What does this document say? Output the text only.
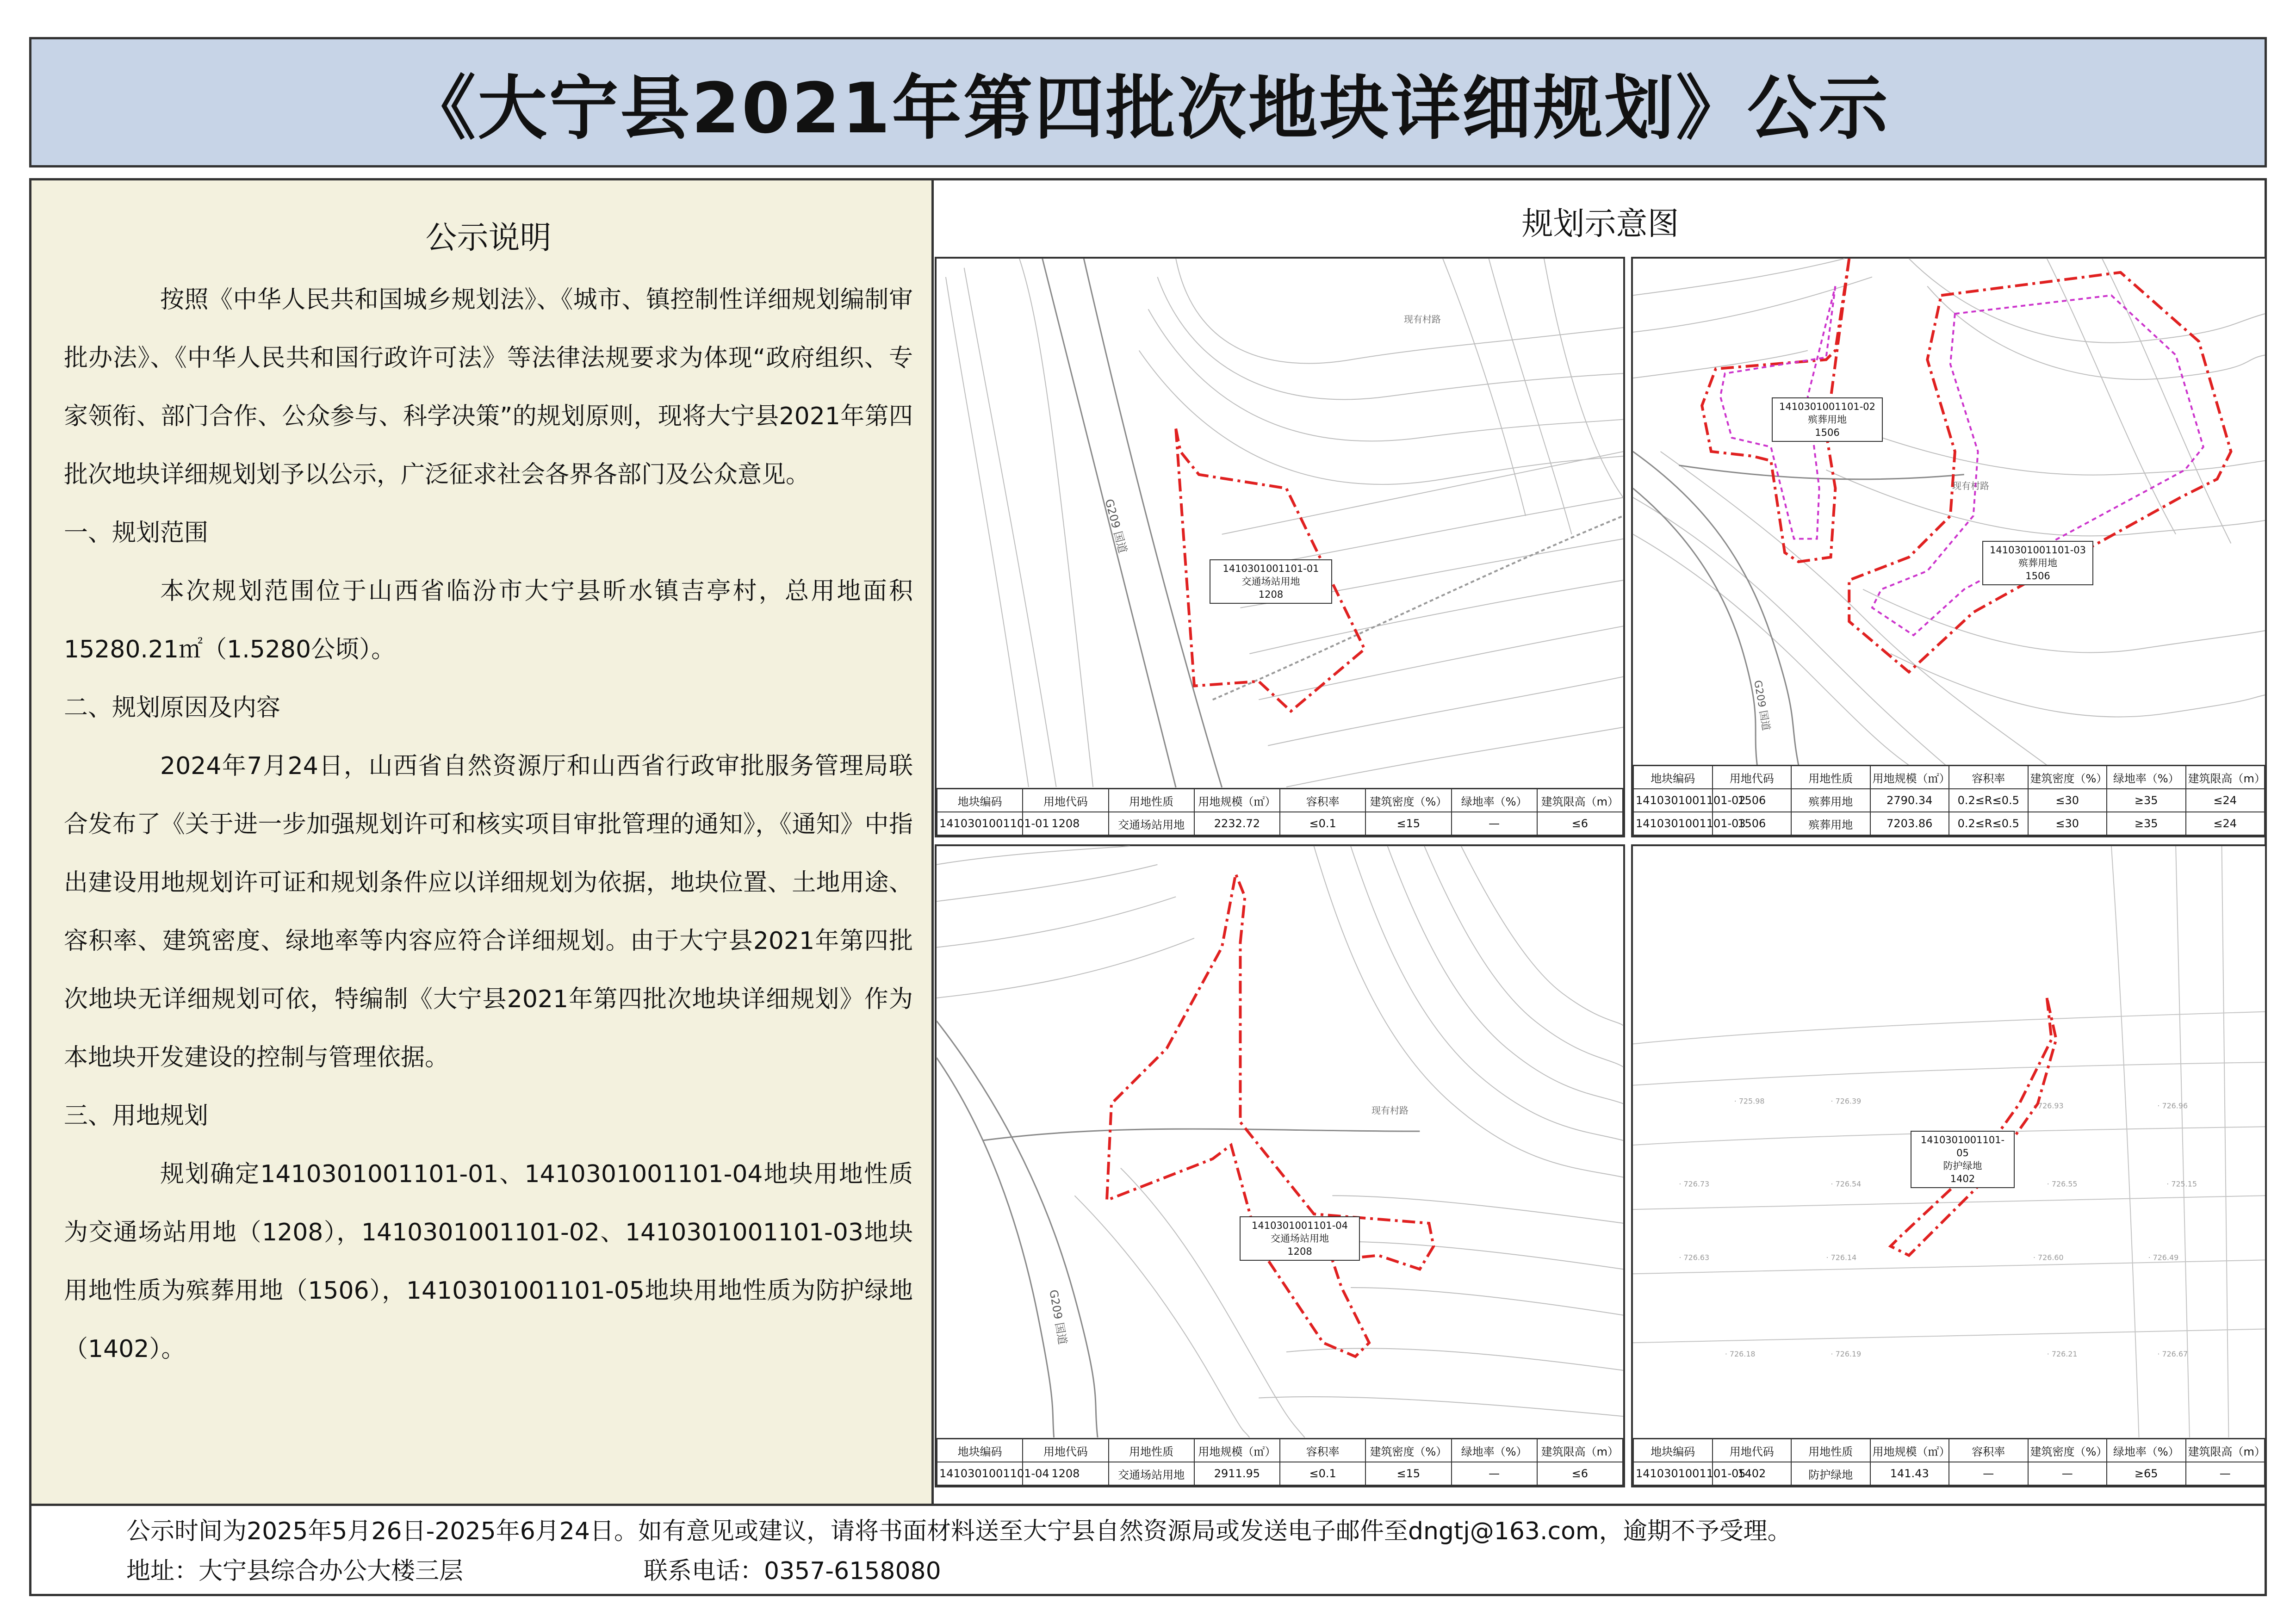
《大宁县2021年第四批次地块详细规划》公示
公示说明

按照《中华人民共和国城乡规划法》、《城市、镇控制性详细规划编制审批办法》、《中华人民共和国行政许可法》等法律法规要求为体现“政府组织、专家领衔、部门合作、公众参与、科学决策”的规划原则，现将大宁县2021年第四批次地块详细规划划予以公示，广泛征求社会各界各部门及公众意见。

一、规划范围

本次规划范围位于山西省临汾市大宁县昕水镇吉亭村，总用地面积15280.21㎡（1.5280公顷）。

二、规划原因及内容

2024年7月24日，山西省自然资源厅和山西省行政审批服务管理局联合发布了《关于进一步加强规划许可和核实项目审批管理的通知》，《通知》中指出建设用地规划许可证和规划条件应以详细规划为依据，地块位置、土地用途、容积率、建筑密度、绿地率等内容应符合详细规划。由于大宁县2021年第四批次地块无详细规划可依，特编制《大宁县2021年第四批次地块详细规划》作为本地块开发建设的控制与管理依据。

三、用地规划

规划确定1410301001101-01、1410301001101-04地块用地性质为交通场站用地（1208），1410301001101-02、1410301001101-03地块用地性质为殡葬用地（1506），1410301001101-05地块用地性质为防护绿地（1402）。

规划示意图
1410301001101-01
交通场站用地
1208
G209 国道
现有村路
地块编码	用地代码	用地性质	用地规模（㎡）	容积率	建筑密度（%）	绿地率（%）	建筑限高（m）
1410301001101-01	1208	交通场站用地	2232.72	≤0.1	≤15	—	≤6
1410301001101-02
殡葬用地
1506
1410301001101-03
殡葬用地
1506
G209 国道
现有村路
地块编码	用地代码	用地性质	用地规模（㎡）	容积率	建筑密度（%）	绿地率（%）	建筑限高（m）
1410301001101-02	1506	殡葬用地	2790.34	0.2≤R≤0.5	≤30	≥35	≤24
1410301001101-03	1506	殡葬用地	7203.86	0.2≤R≤0.5	≤30	≥35	≤24
1410301001101-04
交通场站用地
1208
G209 国道
现有村路
地块编码	用地代码	用地性质	用地规模（㎡）	容积率	建筑密度（%）	绿地率（%）	建筑限高（m）
1410301001101-04	1208	交通场站用地	2911.95	≤0.1	≤15	—	≤6
· 725.98	· 726.39
· 726.93	· 726.96
· 726.73	· 726.54	· 726.55	· 725.15
· 726.63	· 726.14	· 726.60	· 726.49
· 726.18	· 726.19	· 726.21	· 726.67
1410301001101-05
防护绿地
1402
地块编码	用地代码	用地性质	用地规模（㎡）	容积率	建筑密度（%）	绿地率（%）	建筑限高（m）
1410301001101-05	1402	防护绿地	141.43	—	—	≥65	—

公示时间为2025年5月26日-2025年6月24日。如有意见或建议，请将书面材料送至大宁县自然资源局或发送电子邮件至dngtj@163.com，逾期不予受理。

地址：大宁县综合办公大楼三层	联系电话：0357-6158080
